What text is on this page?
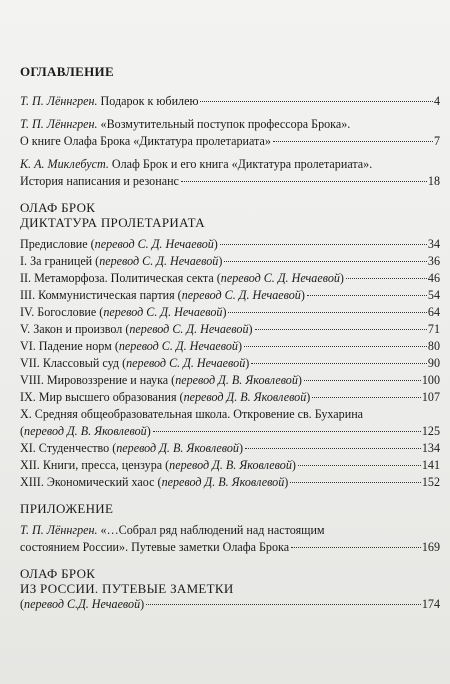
ОГЛАВЛЕНИЕ
Т. П. Лённгрен. Подарок к юбилею	4
Т. П. Лённгрен. «Возмутительный поступок профессора Брока».
О книге Олафа Брока «Диктатура пролетариата»	7
К. А. Миклебуст. Олаф Брок и его книга «Диктатура пролетариата».
История написания и резонанс	18
ОЛАФ БРОК
ДИКТАТУРА ПРОЛЕТАРИАТА
Предисловие (перевод С. Д. Нечаевой)	34
I. За границей (перевод С. Д. Нечаевой)	36
II. Метаморфоза. Политическая секта (перевод С. Д. Нечаевой)	46
III. Коммунистическая партия (перевод С. Д. Нечаевой)	54
IV. Богословие (перевод С. Д. Нечаевой)	64
V. Закон и произвол (перевод С. Д. Нечаевой)	71
VI. Падение норм (перевод С. Д. Нечаевой)	80
VII. Классовый суд (перевод С. Д. Нечаевой)	90
VIII. Мировоззрение и наука (перевод Д. В. Яковлевой)	100
IX. Мир высшего образования (перевод Д. В. Яковлевой)	107
X. Средняя общеобразовательная школа. Откровение св. Бухарина
(перевод Д. В. Яковлевой)	125
XI. Студенчество (перевод Д. В. Яковлевой)	134
XII. Книги, пресса, цензура (перевод Д. В. Яковлевой)	141
XIII. Экономический хаос (перевод Д. В. Яковлевой)	152
ПРИЛОЖЕНИЕ
Т. П. Лённгрен. «…Собрал ряд наблюдений над настоящим
состоянием России». Путевые заметки Олафа Брока	169
ОЛАФ БРОК
ИЗ РОССИИ. ПУТЕВЫЕ ЗАМЕТКИ
(перевод С.Д. Нечаевой)	174
